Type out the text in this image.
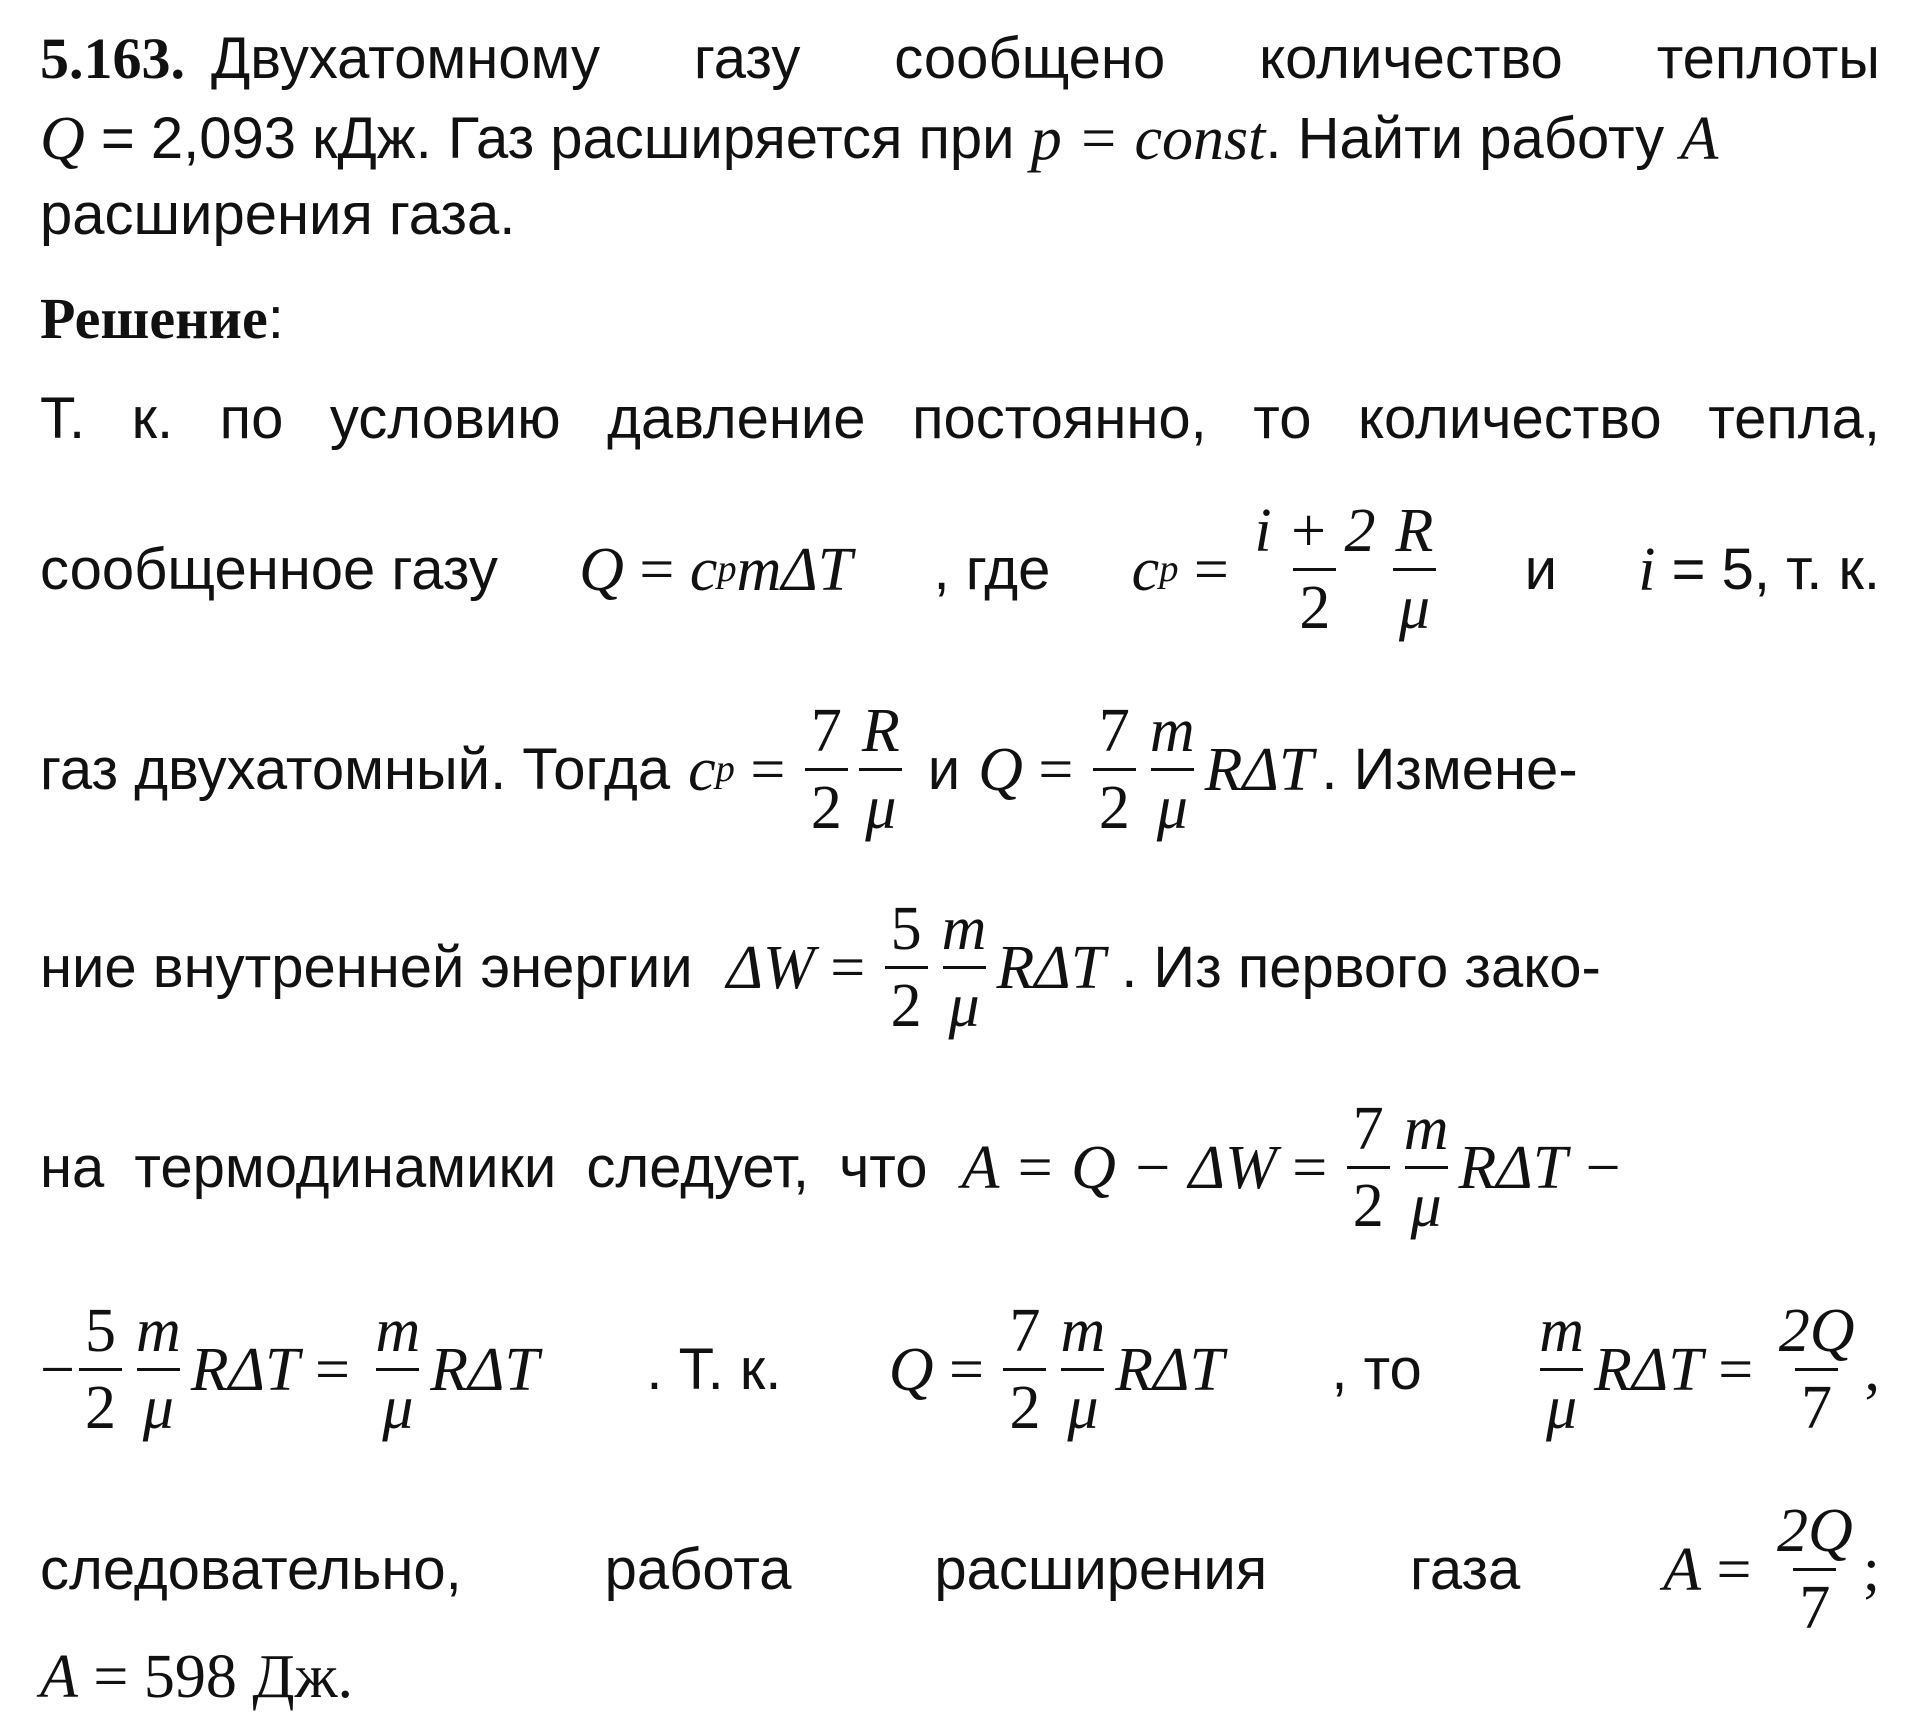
5.163. Двухатомному газу сообщено количество теплоты
Q = 2,093 кДж. Газ расширяется при p = const . Найти работу A
расширения газа.
Решение :
Т. к. по условию давление постоянно, то количество тепла,
сообщенное газу Q = c p mΔT , где c $p = \frac{i + 2}{2} \frac{R}{\mu}$ и i = 5 , т. к.
газ двухатомный. Тогда c $p = \frac{7}{2} \frac{R}{\mu}$ и $Q = \frac{7}{2} \frac{m}{\mu}$ RΔT . Измене-
ние внутренней энергии $\Delta W = \frac{5}{2} \frac{m}{\mu}$ RΔT . Из первого зако-
на термодинамики следует, что $A = Q - \Delta W = \frac{7}{2} \frac{m}{\mu}$ RΔT −
− $\frac{5}{2} \frac{m}{\mu}$ $R\Delta T = \frac{m}{\mu}$ RΔT . Т. к. $Q = \frac{7}{2} \frac{m}{\mu}$ RΔT , то $\frac{m}{\mu}$ $R\Delta T = \frac{2Q}{7}$ ,
следовательно, работа расширения газа $A = \frac{2Q}{7}$ ;
A = 598 Дж.
